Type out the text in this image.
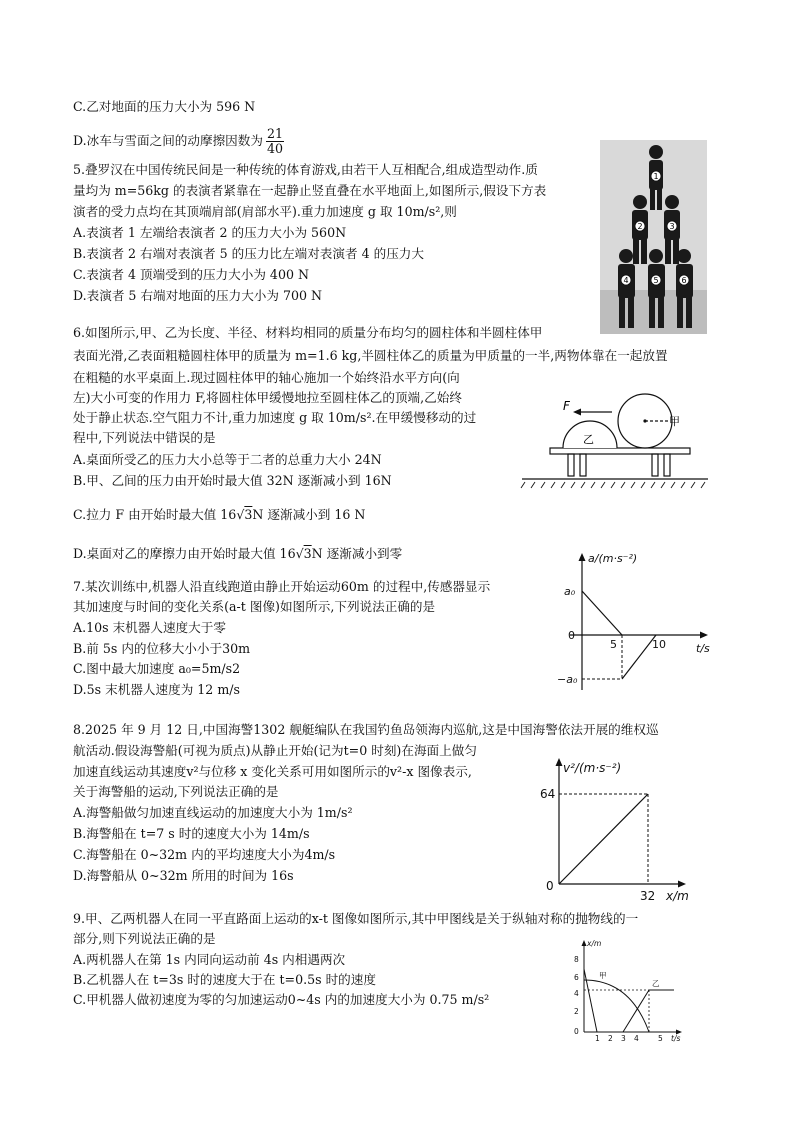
C.乙对地面的压力大小为 596 N
D.冰车与雪面之间的动摩擦因数为 $\frac{21}{40}$
5.叠罗汉在中国传统民间是一种传统的体育游戏,由若干人互相配合,组成造型动作.质
量均为 m=56kg 的表演者紧靠在一起静止竖直叠在水平地面上,如图所示,假设下方表
演者的受力点均在其顶端肩部(肩部水平).重力加速度 g 取 10m/s²,则
A.表演者 1 左端给表演者 2 的压力大小为 560N
B.表演者 2 右端对表演者 5 的压力比左端对表演者 4 的压力大
C.表演者 4 顶端受到的压力大小为 400 N
D.表演者 5 右端对地面的压力大小为 700 N
1
2	3
4	5	6
6.如图所示,甲、乙为长度、半径、材料均相同的质量分布均匀的圆柱体和半圆柱体甲
表面光滑,乙表面粗糙圆柱体甲的质量为 m=1.6 kg,半圆柱体乙的质量为甲质量的一半,两物体靠在一起放置
在粗糙的水平桌面上.现过圆柱体甲的轴心施加一个始终沿水平方向(向
左)大小可变的作用力 F,将圆柱体甲缓慢地拉至圆柱体乙的顶端,乙始终
处于静止状态.空气阻力不计,重力加速度 g 取 10m/s².在甲缓慢移动的过
程中,下列说法中错误的是
A.桌面所受乙的压力大小总等于二者的总重力大小 24N
B.甲、乙间的压力由开始时最大值 32N 逐渐减小到 16N
C.拉力 F 由开始时最大值 16√3N 逐渐减小到 16 N
D.桌面对乙的摩擦力由开始时最大值 16√3N 逐渐减小到零
F
甲
乙
7.某次训练中,机器人沿直线跑道由静止开始运动60m 的过程中,传感器显示
其加速度与时间的变化关系(a-t 图像)如图所示,下列说法正确的是
A.10s 末机器人速度大于零
B.前 5s 内的位移大小小于30m
C.图中最大加速度 a₀=5m/s2
D.5s 末机器人速度为 12 m/s
a/(m·s⁻²)
t/s
a₀
−a₀
0
5	10
8.2025 年 9 月 12 日,中国海警1302 舰艇编队在我国钓鱼岛领海内巡航,这是中国海警依法开展的维权巡
航活动.假设海警船(可视为质点)从静止开始(记为t=0 时刻)在海面上做匀
加速直线运动其速度v²与位移 x 变化关系可用如图所示的v²-x 图像表示,
关于海警船的运动,下列说法正确的是
A.海警船做匀加速直线运动的加速度大小为 1m/s²
B.海警船在 t=7 s 时的速度大小为 14m/s
C.海警船在 0~32m 内的平均速度大小为4m/s
D.海警船从 0~32m 所用的时间为 16s
v²/(m·s⁻²)
x/m
64
0
32
9.甲、乙两机器人在同一平直路面上运动的x-t 图像如图所示,其中甲图线是关于纵轴对称的抛物线的一
部分,则下列说法正确的是
A.两机器人在第 1s 内同向运动前 4s 内相遇两次
B.乙机器人在 t=3s 时的速度大于在 t=0.5s 时的速度
C.甲机器人做初速度为零的匀加速运动0~4s 内的加速度大小为 0.75 m/s²
x/m
t/s
8
6
4
2
0
1 2 3 4	5
甲
乙
